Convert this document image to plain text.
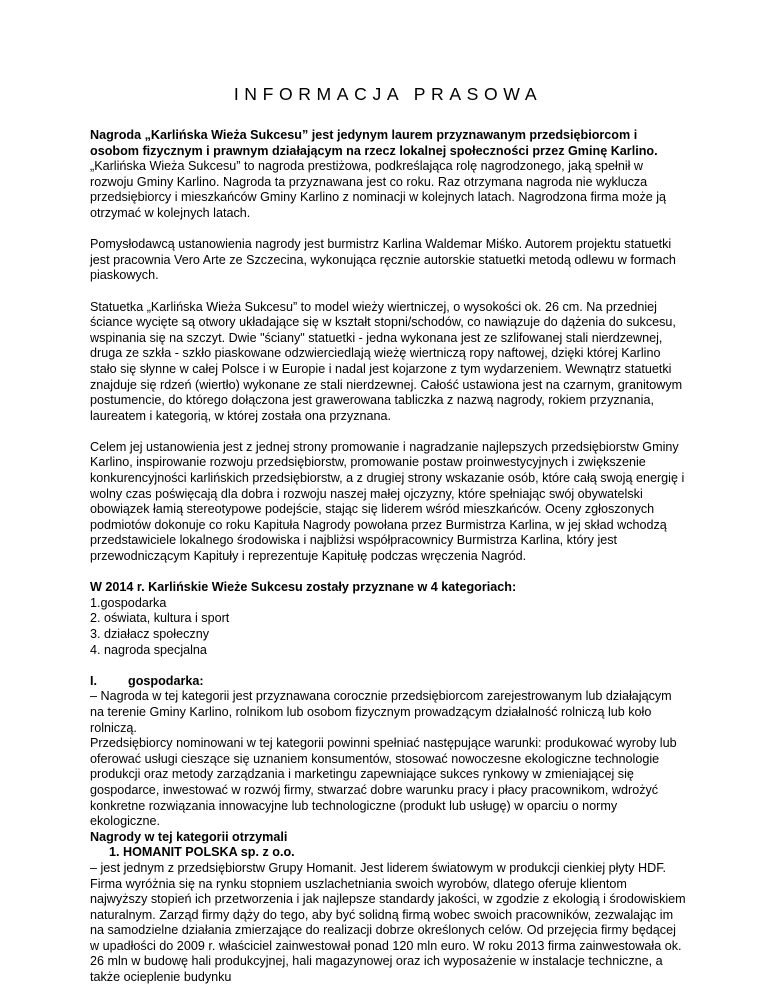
INFORMACJA PRASOWA

Nagroda „Karlińska Wieża Sukcesu” jest jedynym laurem przyznawanym przedsiębiorcom i osobom fizycznym i prawnym działającym na rzecz lokalnej społeczności przez Gminę Karlino. „Karlińska Wieża Sukcesu” to nagroda prestiżowa, podkreślająca rolę nagrodzonego, jaką spełnił w rozwoju Gminy Karlino. Nagroda ta przyznawana jest co roku. Raz otrzymana nagroda nie wyklucza przedsiębiorcy i mieszkańców Gminy Karlino z nominacji w kolejnych latach. Nagrodzona firma może ją otrzymać w kolejnych latach.

Pomysłodawcą ustanowienia nagrody jest burmistrz Karlina Waldemar Miśko. Autorem projektu statuetki jest pracownia Vero Arte ze Szczecina, wykonująca ręcznie autorskie statuetki metodą odlewu w formach piaskowych.

Statuetka „Karlińska Wieża Sukcesu” to model wieży wiertniczej, o wysokości ok. 26 cm. Na przedniej ściance wycięte są otwory układające się w kształt stopni/schodów, co nawiązuje do dążenia do sukcesu, wspinania się na szczyt. Dwie "ściany" statuetki - jedna wykonana jest ze szlifowanej stali nierdzewnej, druga ze szkła - szkło piaskowane odzwierciedlają wieżę wiertniczą ropy naftowej, dzięki której Karlino stało się słynne w całej Polsce i w Europie i nadal jest kojarzone z tym wydarzeniem. Wewnątrz statuetki znajduje się rdzeń (wiertło) wykonane ze stali nierdzewnej. Całość ustawiona jest na czarnym, granitowym postumencie, do którego dołączona jest grawerowana tabliczka z nazwą nagrody, rokiem przyznania, laureatem i kategorią, w której została ona przyznana.

Celem jej ustanowienia jest z jednej strony promowanie i nagradzanie najlepszych przedsiębiorstw Gminy Karlino, inspirowanie rozwoju przedsiębiorstw, promowanie postaw proinwestycyjnych i zwiększenie konkurencyjności karlińskich przedsiębiorstw, a z drugiej strony wskazanie osób, które całą swoją energię i wolny czas poświęcają dla dobra i rozwoju naszej małej ojczyzny, które spełniając swój obywatelski obowiązek łamią stereotypowe podejście, stając się liderem wśród mieszkańców. Oceny zgłoszonych podmiotów dokonuje co roku Kapituła Nagrody powołana przez Burmistrza Karlina, w jej skład wchodzą przedstawiciele lokalnego środowiska i najbliżsi współpracownicy Burmistrza Karlina, który jest przewodniczącym Kapituły i reprezentuje Kapitułę podczas wręczenia Nagród.

W 2014 r. Karlińskie Wieże Sukcesu zostały przyznane w 4 kategoriach:
1.gospodarka
2. oświata, kultura i sport
3. działacz społeczny
4. nagroda specjalna

I. gospodarka:
– Nagroda w tej kategorii jest przyznawana corocznie przedsiębiorcom zarejestrowanym lub działającym na terenie Gminy Karlino, rolnikom lub osobom fizycznym prowadzącym działalność rolniczą lub koło rolniczą.
Przedsiębiorcy nominowani w tej kategorii powinni spełniać następujące warunki: produkować wyroby lub oferować usługi cieszące się uznaniem konsumentów, stosować nowoczesne ekologiczne technologie produkcji oraz metody zarządzania i marketingu zapewniające sukces rynkowy w zmieniającej się gospodarce, inwestować w rozwój firmy, stwarzać dobre warunku pracy i płacy pracownikom, wdrożyć konkretne rozwiązania innowacyjne lub technologiczne (produkt lub usługę) w oparciu o normy ekologiczne.
Nagrody w tej kategorii otrzymali
1. HOMANIT POLSKA sp. z o.o.
– jest jednym z przedsiębiorstw Grupy Homanit. Jest liderem światowym w produkcji cienkiej płyty HDF. Firma wyróżnia się na rynku stopniem uszlachetniania swoich wyrobów, dlatego oferuje klientom najwyższy stopień ich przetworzenia i jak najlepsze standardy jakości, w zgodzie z ekologią i środowiskiem naturalnym. Zarząd firmy dąży do tego, aby być solidną firmą wobec swoich pracowników, zezwalając im na samodzielne działania zmierzające do realizacji dobrze określonych celów. Od przejęcia firmy będącej w upadłości do 2009 r. właściciel zainwestował ponad 120 mln euro. W roku 2013 firma zainwestowała ok. 26 mln w budowę hali produkcyjnej, hali magazynowej oraz ich wyposażenie w instalacje techniczne, a także ocieplenie budynku
